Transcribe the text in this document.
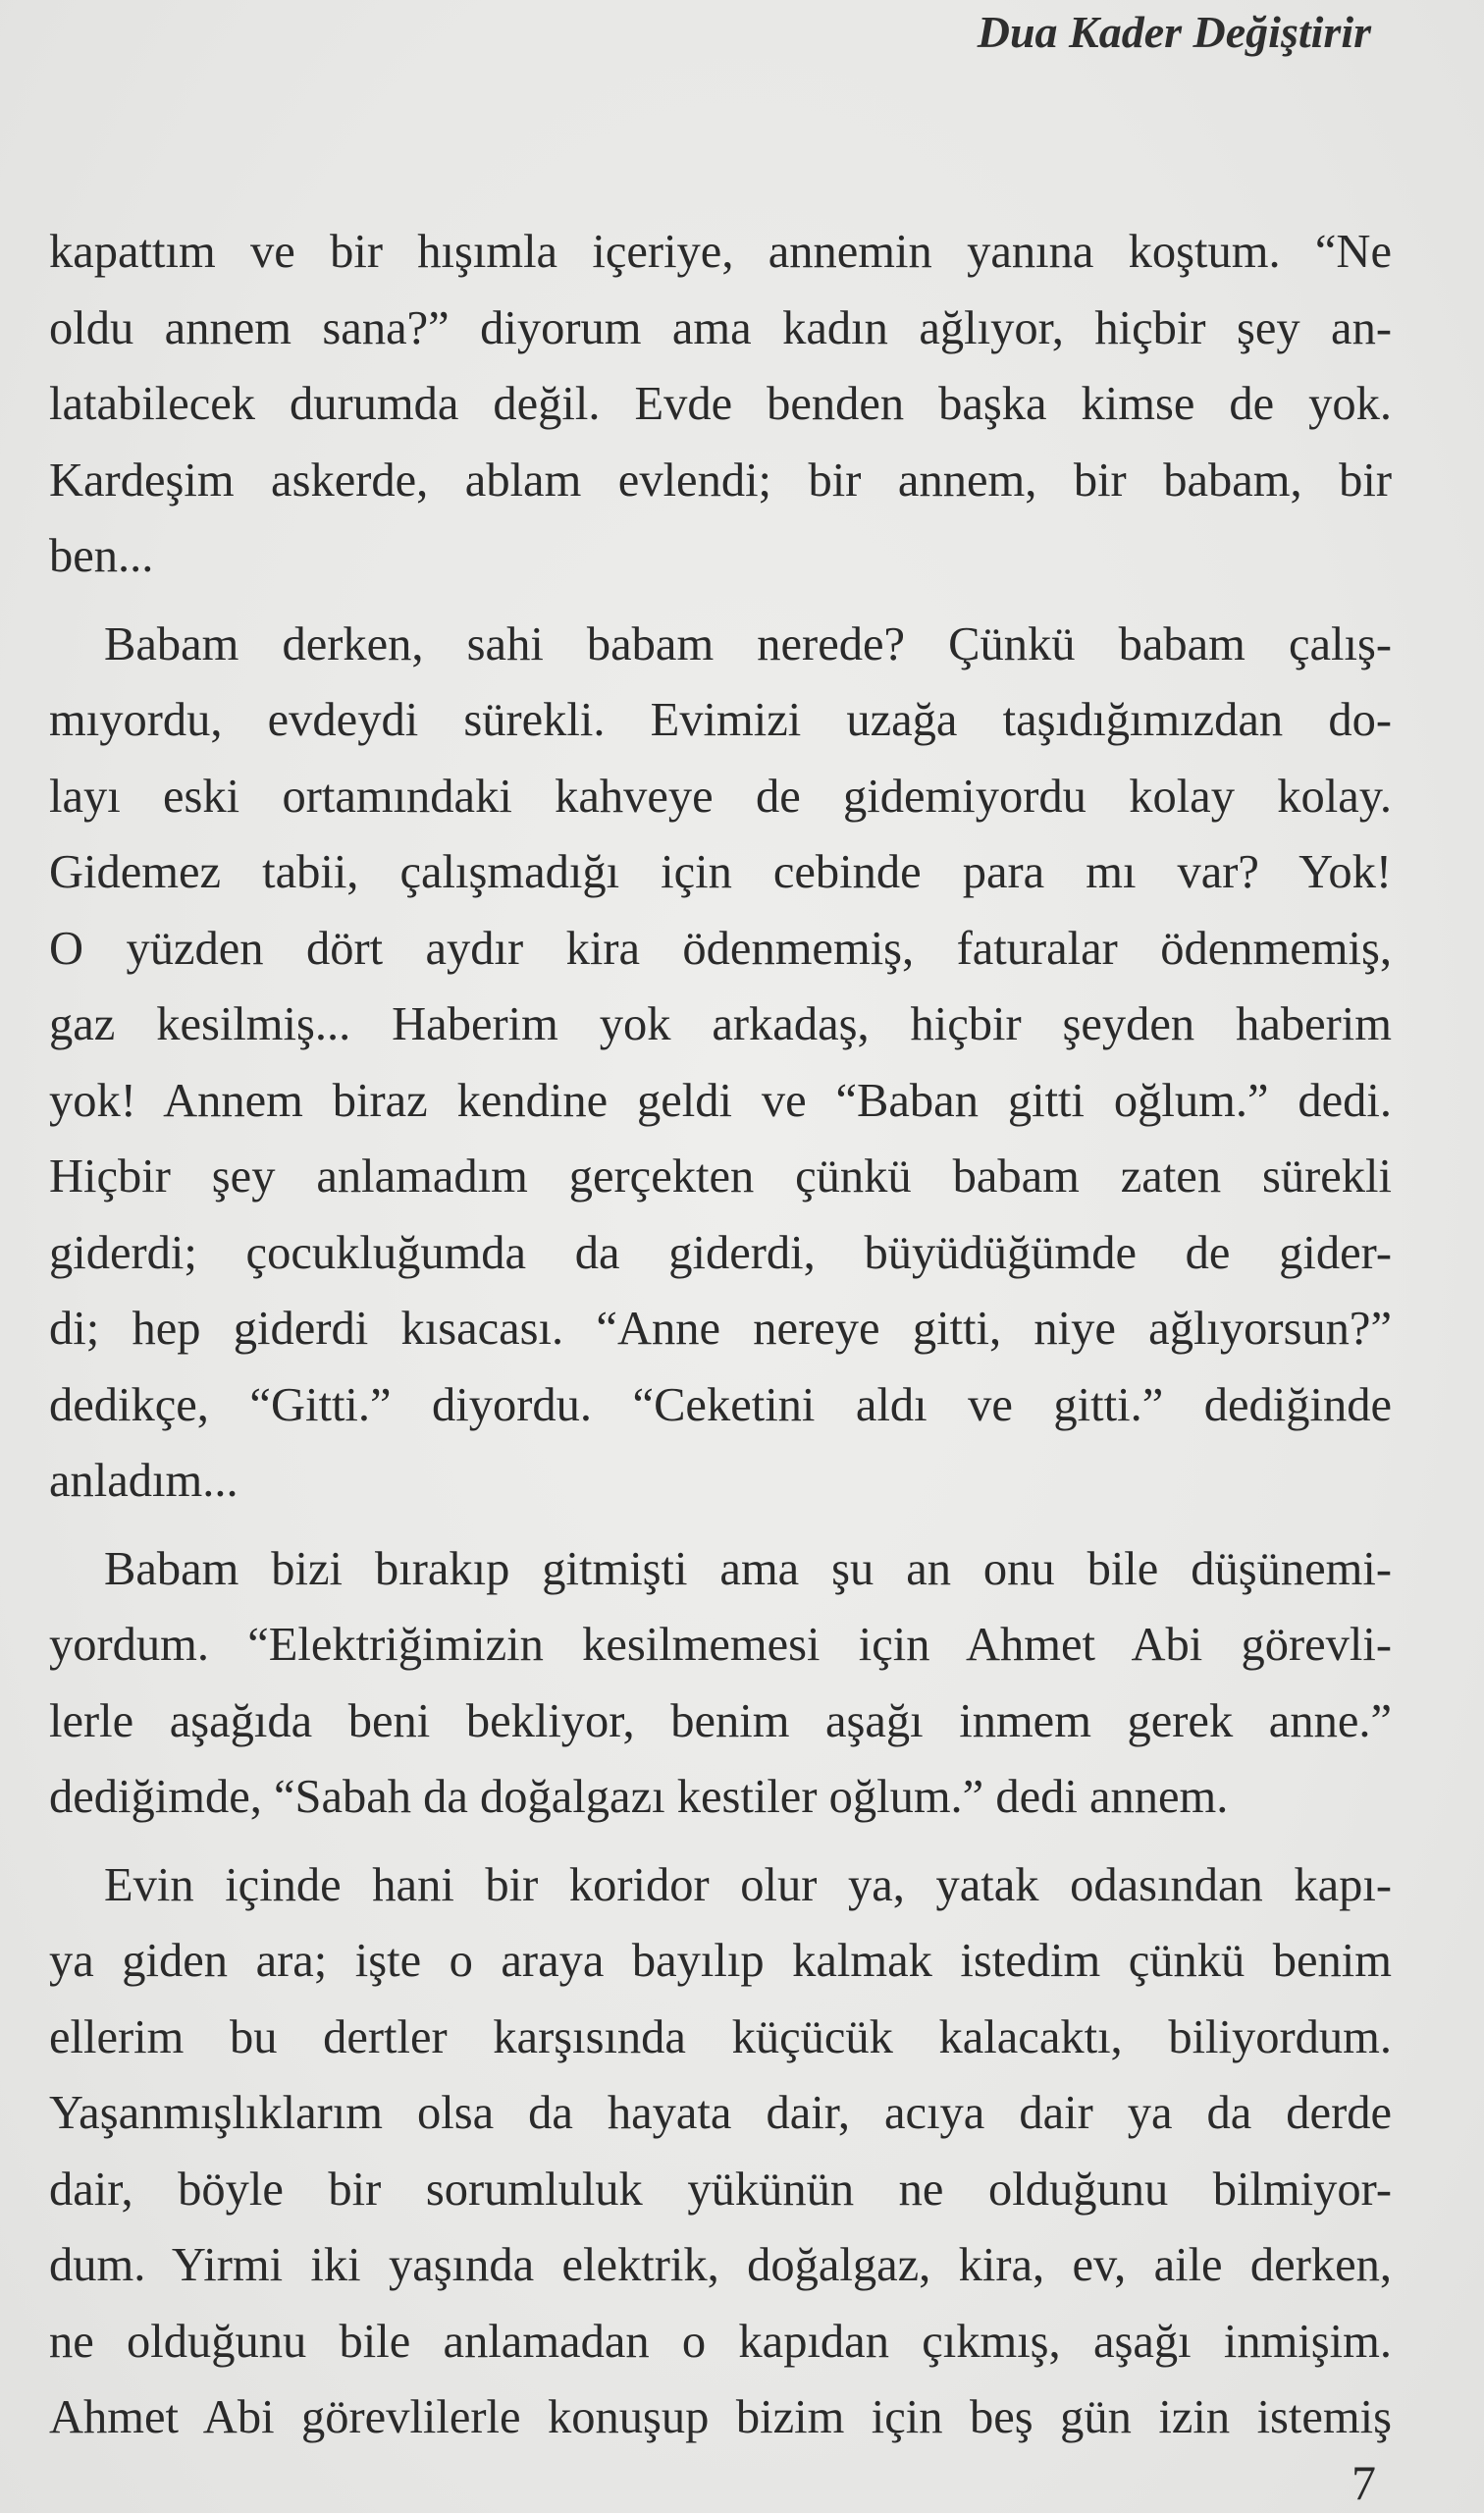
Dua Kader Değiştirir
kapattım ve bir hışımla içeriye, annemin yanına koştum. “Ne
oldu annem sana?” diyorum ama kadın ağlıyor, hiçbir şey an-
latabilecek durumda değil. Evde benden başka kimse de yok.
Kardeşim askerde, ablam evlendi; bir annem, bir babam, bir
ben...
Babam derken, sahi babam nerede? Çünkü babam çalış-
mıyordu, evdeydi sürekli. Evimizi uzağa taşıdığımızdan do-
layı eski ortamındaki kahveye de gidemiyordu kolay kolay.
Gidemez tabii, çalışmadığı için cebinde para mı var? Yok!
O yüzden dört aydır kira ödenmemiş, faturalar ödenmemiş,
gaz kesilmiş... Haberim yok arkadaş, hiçbir şeyden haberim
yok! Annem biraz kendine geldi ve “Baban gitti oğlum.” dedi.
Hiçbir şey anlamadım gerçekten çünkü babam zaten sürekli
giderdi; çocukluğumda da giderdi, büyüdüğümde de gider-
di; hep giderdi kısacası. “Anne nereye gitti, niye ağlıyorsun?”
dedikçe, “Gitti.” diyordu. “Ceketini aldı ve gitti.” dediğinde
anladım...
Babam bizi bırakıp gitmişti ama şu an onu bile düşünemi-
yordum. “Elektriğimizin kesilmemesi için Ahmet Abi görevli-
lerle aşağıda beni bekliyor, benim aşağı inmem gerek anne.”
dediğimde, “Sabah da doğalgazı kestiler oğlum.” dedi annem.
Evin içinde hani bir koridor olur ya, yatak odasından kapı-
ya giden ara; işte o araya bayılıp kalmak istedim çünkü benim
ellerim bu dertler karşısında küçücük kalacaktı, biliyordum.
Yaşanmışlıklarım olsa da hayata dair, acıya dair ya da derde
dair, böyle bir sorumluluk yükünün ne olduğunu bilmiyor-
dum. Yirmi iki yaşında elektrik, doğalgaz, kira, ev, aile derken,
ne olduğunu bile anlamadan o kapıdan çıkmış, aşağı inmişim.
Ahmet Abi görevlilerle konuşup bizim için beş gün izin istemiş
7
